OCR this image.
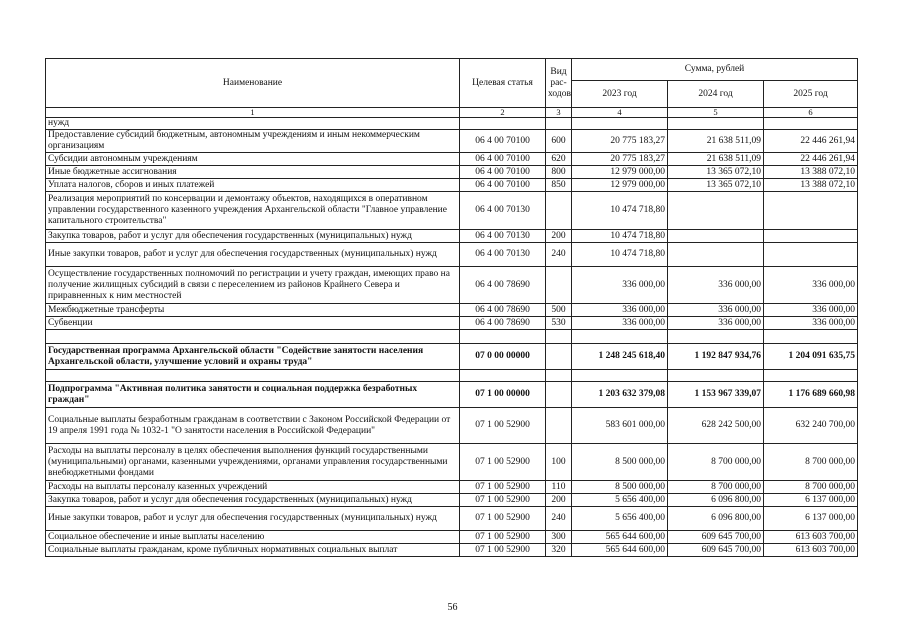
Наименование	Целевая статья	Вид рас-ходов	Сумма, рублей		
			2023 год	2024 год	2025 год
1	2	3	4	5	6
нужд					
Предоставление субсидий бюджетным, автономным учреждениям и иным некоммерческим организациям	06 4 00 70100	600	20 775 183,27	21 638 511,09	22 446 261,94
Субсидии автономным учреждениям	06 4 00 70100	620	20 775 183,27	21 638 511,09	22 446 261,94
Иные бюджетные ассигнования	06 4 00 70100	800	12 979 000,00	13 365 072,10	13 388 072,10
Уплата налогов, сборов и иных платежей	06 4 00 70100	850	12 979 000,00	13 365 072,10	13 388 072,10
Реализация мероприятий по консервации и демонтажу объектов, находящихся в оперативном управлении государственного казенного учреждения Архангельской области "Главное управление капитального строительства"	06 4 00 70130		10 474 718,80		
Закупка товаров, работ и услуг для обеспечения государственных (муниципальных) нужд	06 4 00 70130	200	10 474 718,80		
Иные закупки товаров, работ и услуг для обеспечения государственных (муниципальных) нужд	06 4 00 70130	240	10 474 718,80		
Осуществление государственных полномочий по регистрации и учету граждан, имеющих право на получение жилищных субсидий в связи с переселением из районов Крайнего Севера и приравненных к ним местностей	06 4 00 78690		336 000,00	336 000,00	336 000,00
Межбюджетные трансферты	06 4 00 78690	500	336 000,00	336 000,00	336 000,00
Субвенции	06 4 00 78690	530	336 000,00	336 000,00	336 000,00

Государственная программа Архангельской области "Содействие занятости населения Архангельской области, улучшение условий и охраны труда"	07 0 00 00000		1 248 245 618,40	1 192 847 934,76	1 204 091 635,75

Подпрограмма "Активная политика занятости и социальная поддержка безработных граждан"	07 1 00 00000		1 203 632 379,08	1 153 967 339,07	1 176 689 660,98
Социальные выплаты безработным гражданам в соответствии с Законом Российской Федерации от 19 апреля 1991 года № 1032-1 "О занятости населения в Российской Федерации"	07 1 00 52900		583 601 000,00	628 242 500,00	632 240 700,00
Расходы на выплаты персоналу в целях обеспечения выполнения функций государственными (муниципальными) органами, казенными учреждениями, органами управления государственными внебюджетными фондами	07 1 00 52900	100	8 500 000,00	8 700 000,00	8 700 000,00
Расходы на выплаты персоналу казенных учреждений	07 1 00 52900	110	8 500 000,00	8 700 000,00	8 700 000,00
Закупка товаров, работ и услуг для обеспечения государственных (муниципальных) нужд	07 1 00 52900	200	5 656 400,00	6 096 800,00	6 137 000,00
Иные закупки товаров, работ и услуг для обеспечения государственных (муниципальных) нужд	07 1 00 52900	240	5 656 400,00	6 096 800,00	6 137 000,00
Социальное обеспечение и иные выплаты населению	07 1 00 52900	300	565 644 600,00	609 645 700,00	613 603 700,00
Социальные выплаты гражданам, кроме публичных нормативных социальных выплат	07 1 00 52900	320	565 644 600,00	609 645 700,00	613 603 700,00
56
